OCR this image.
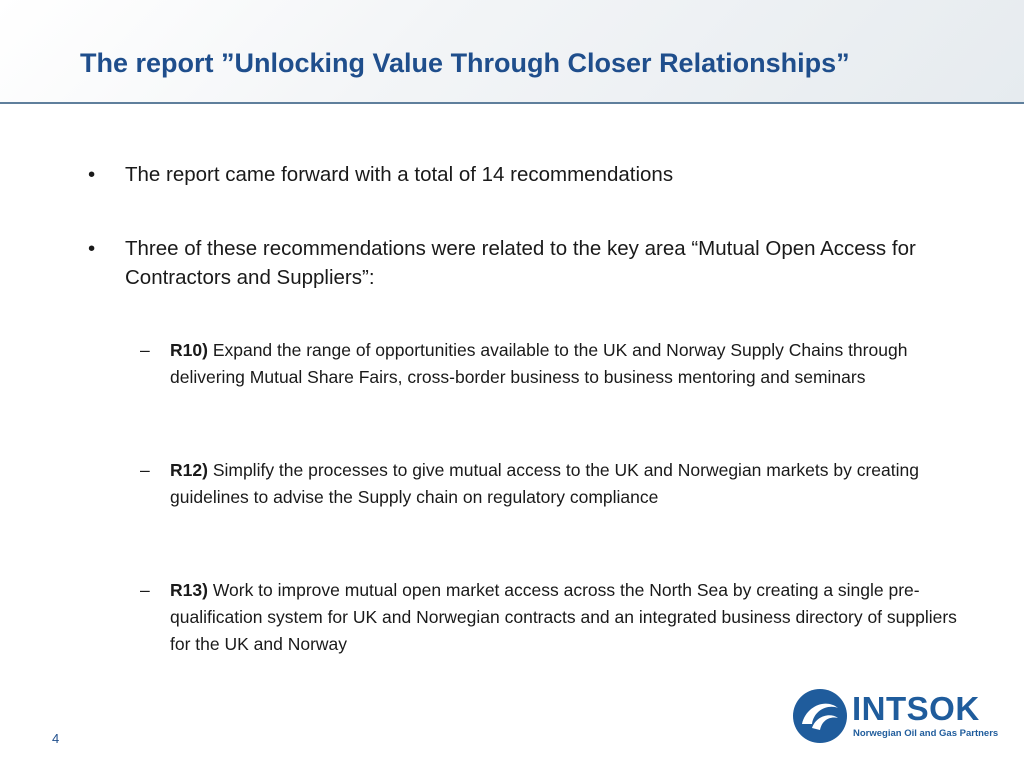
The report ”Unlocking Value Through Closer Relationships”
• The report came forward with a total of 14 recommendations
• Three of these recommendations were related to the key area “Mutual Open Access for Contractors and Suppliers”:
– R10) Expand the range of opportunities available to the UK and Norway Supply Chains through delivering Mutual Share Fairs, cross-border business to business mentoring and seminars
– R12) Simplify the processes to give mutual access to the UK and Norwegian markets by creating guidelines to advise the Supply chain on regulatory compliance
– R13) Work to improve mutual open market access across the North Sea by creating a single pre-qualification system for UK and Norwegian contracts and an integrated business directory of suppliers for the UK and Norway
4
INTSOK
Norwegian Oil and Gas Partners
